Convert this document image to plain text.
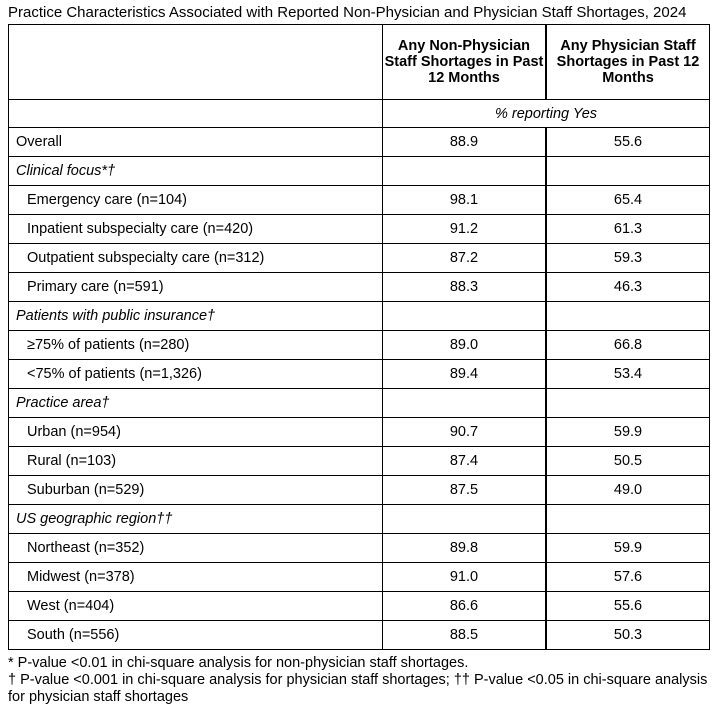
Practice Characteristics Associated with Reported Non-Physician and Physician Staff Shortages, 2024
	Any Non-Physician Staff Shortages in Past 12 Months	Any Physician Staff Shortages in Past 12 Months
	% reporting Yes	
Overall	88.9	55.6
Clinical focus*†		
Emergency care (n=104)	98.1	65.4
Inpatient subspecialty care (n=420)	91.2	61.3
Outpatient subspecialty care (n=312)	87.2	59.3
Primary care (n=591)	88.3	46.3
Patients with public insurance†		
≥75% of patients (n=280)	89.0	66.8
<75% of patients (n=1,326)	89.4	53.4
Practice area†		
Urban (n=954)	90.7	59.9
Rural (n=103)	87.4	50.5
Suburban (n=529)	87.5	49.0
US geographic region††		
Northeast (n=352)	89.8	59.9
Midwest (n=378)	91.0	57.6
West (n=404)	86.6	55.6
South (n=556)	88.5	50.3
* P-value <0.01 in chi-square analysis for non-physician staff shortages.
† P-value <0.001 in chi-square analysis for physician staff shortages; †† P-value <0.05 in chi-square analysis for physician staff shortages
